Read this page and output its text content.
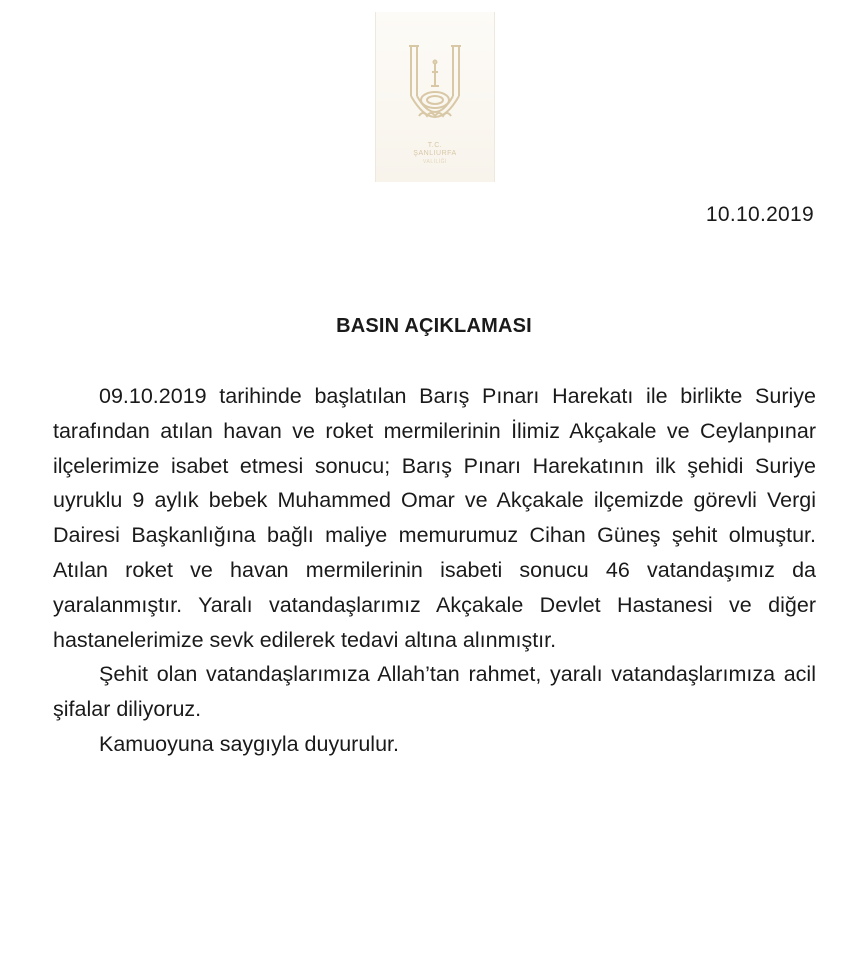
T.C.
ŞANLIURFA
VALİLİĞİ
10.10.2019
BASIN AÇIKLAMASI

09.10.2019 tarihinde başlatılan Barış Pınarı Harekatı ile birlikte Suriye tarafından atılan havan ve roket mermilerinin İlimiz Akçakale ve Ceylanpınar ilçelerimize isabet etmesi sonucu; Barış Pınarı Harekatının ilk şehidi Suriye uyruklu 9 aylık bebek Muhammed Omar ve Akçakale ilçemizde görevli Vergi Dairesi Başkanlığına bağlı maliye memurumuz Cihan Güneş şehit olmuştur. Atılan roket ve havan mermilerinin isabeti sonucu 46 vatandaşımız da yaralanmıştır. Yaralı vatandaşlarımız Akçakale Devlet Hastanesi ve diğer hastanelerimize sevk edilerek tedavi altına alınmıştır.

Şehit olan vatandaşlarımıza Allah’tan rahmet, yaralı vatandaşlarımıza acil şifalar diliyoruz.

Kamuoyuna saygıyla duyurulur.
